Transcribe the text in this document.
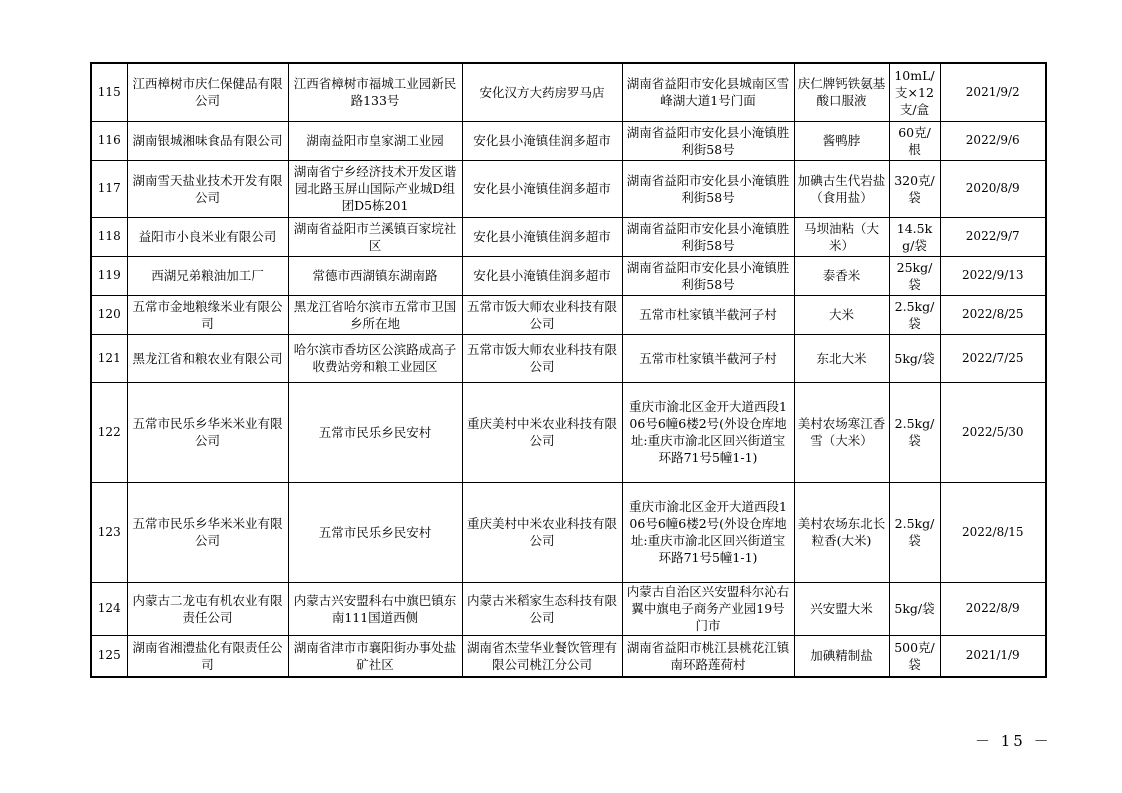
115	江西樟树市庆仁保健品有限公司	江西省樟树市福城工业园新民路133号	安化汉方大药房罗马店	湖南省益阳市安化县城南区雪峰湖大道1号门面	庆仁牌钙铁氨基酸口服液	10mL/支×12支/盒	2021/9/2
116	湖南银城湘味食品有限公司	湖南益阳市皇家湖工业园	安化县小淹镇佳润多超市	湖南省益阳市安化县小淹镇胜利街58号	酱鸭脖	60克/根	2022/9/6
117	湖南雪天盐业技术开发有限公司	湖南省宁乡经济技术开发区谐园北路玉屏山国际产业城D组团D5栋201	安化县小淹镇佳润多超市	湖南省益阳市安化县小淹镇胜利街58号	加碘古生代岩盐（食用盐）	320克/袋	2020/8/9
118	益阳市小良米业有限公司	湖南省益阳市兰溪镇百家垸社区	安化县小淹镇佳润多超市	湖南省益阳市安化县小淹镇胜利街58号	马坝油粘（大米）	14.5kg/袋	2022/9/7
119	西湖兄弟粮油加工厂	常德市西湖镇东湖南路	安化县小淹镇佳润多超市	湖南省益阳市安化县小淹镇胜利街58号	泰香米	25kg/袋	2022/9/13
120	五常市金地粮缘米业有限公司	黑龙江省哈尔滨市五常市卫国乡所在地	五常市饭大师农业科技有限公司	五常市杜家镇半截河子村	大米	2.5kg/袋	2022/8/25
121	黑龙江省和粮农业有限公司	哈尔滨市香坊区公滨路成高子收费站旁和粮工业园区	五常市饭大师农业科技有限公司	五常市杜家镇半截河子村	东北大米	5kg/袋	2022/7/25
122	五常市民乐乡华米米业有限公司	五常市民乐乡民安村	重庆美村中米农业科技有限公司	重庆市渝北区金开大道西段106号6幢6楼2号(外设仓库地址:重庆市渝北区回兴街道宝环路71号5幢1-1)	美村农场寒江香雪（大米）	2.5kg/袋	2022/5/30
123	五常市民乐乡华米米业有限公司	五常市民乐乡民安村	重庆美村中米农业科技有限公司	重庆市渝北区金开大道西段106号6幢6楼2号(外设仓库地址:重庆市渝北区回兴街道宝环路71号5幢1-1)	美村农场东北长粒香(大米)	2.5kg/袋	2022/8/15
124	内蒙古二龙屯有机农业有限责任公司	内蒙古兴安盟科右中旗巴镇东南111国道西侧	内蒙古米稻家生态科技有限公司	内蒙古自治区兴安盟科尔沁右翼中旗电子商务产业园19号门市	兴安盟大米	5kg/袋	2022/8/9
125	湖南省湘澧盐化有限责任公司	湖南省津市市襄阳街办事处盐矿社区	湖南省杰莹华业餐饮管理有限公司桃江分公司	湖南省益阳市桃江县桃花江镇南环路莲荷村	加碘精制盐	500克/袋	2021/1/9
－ 15 －
